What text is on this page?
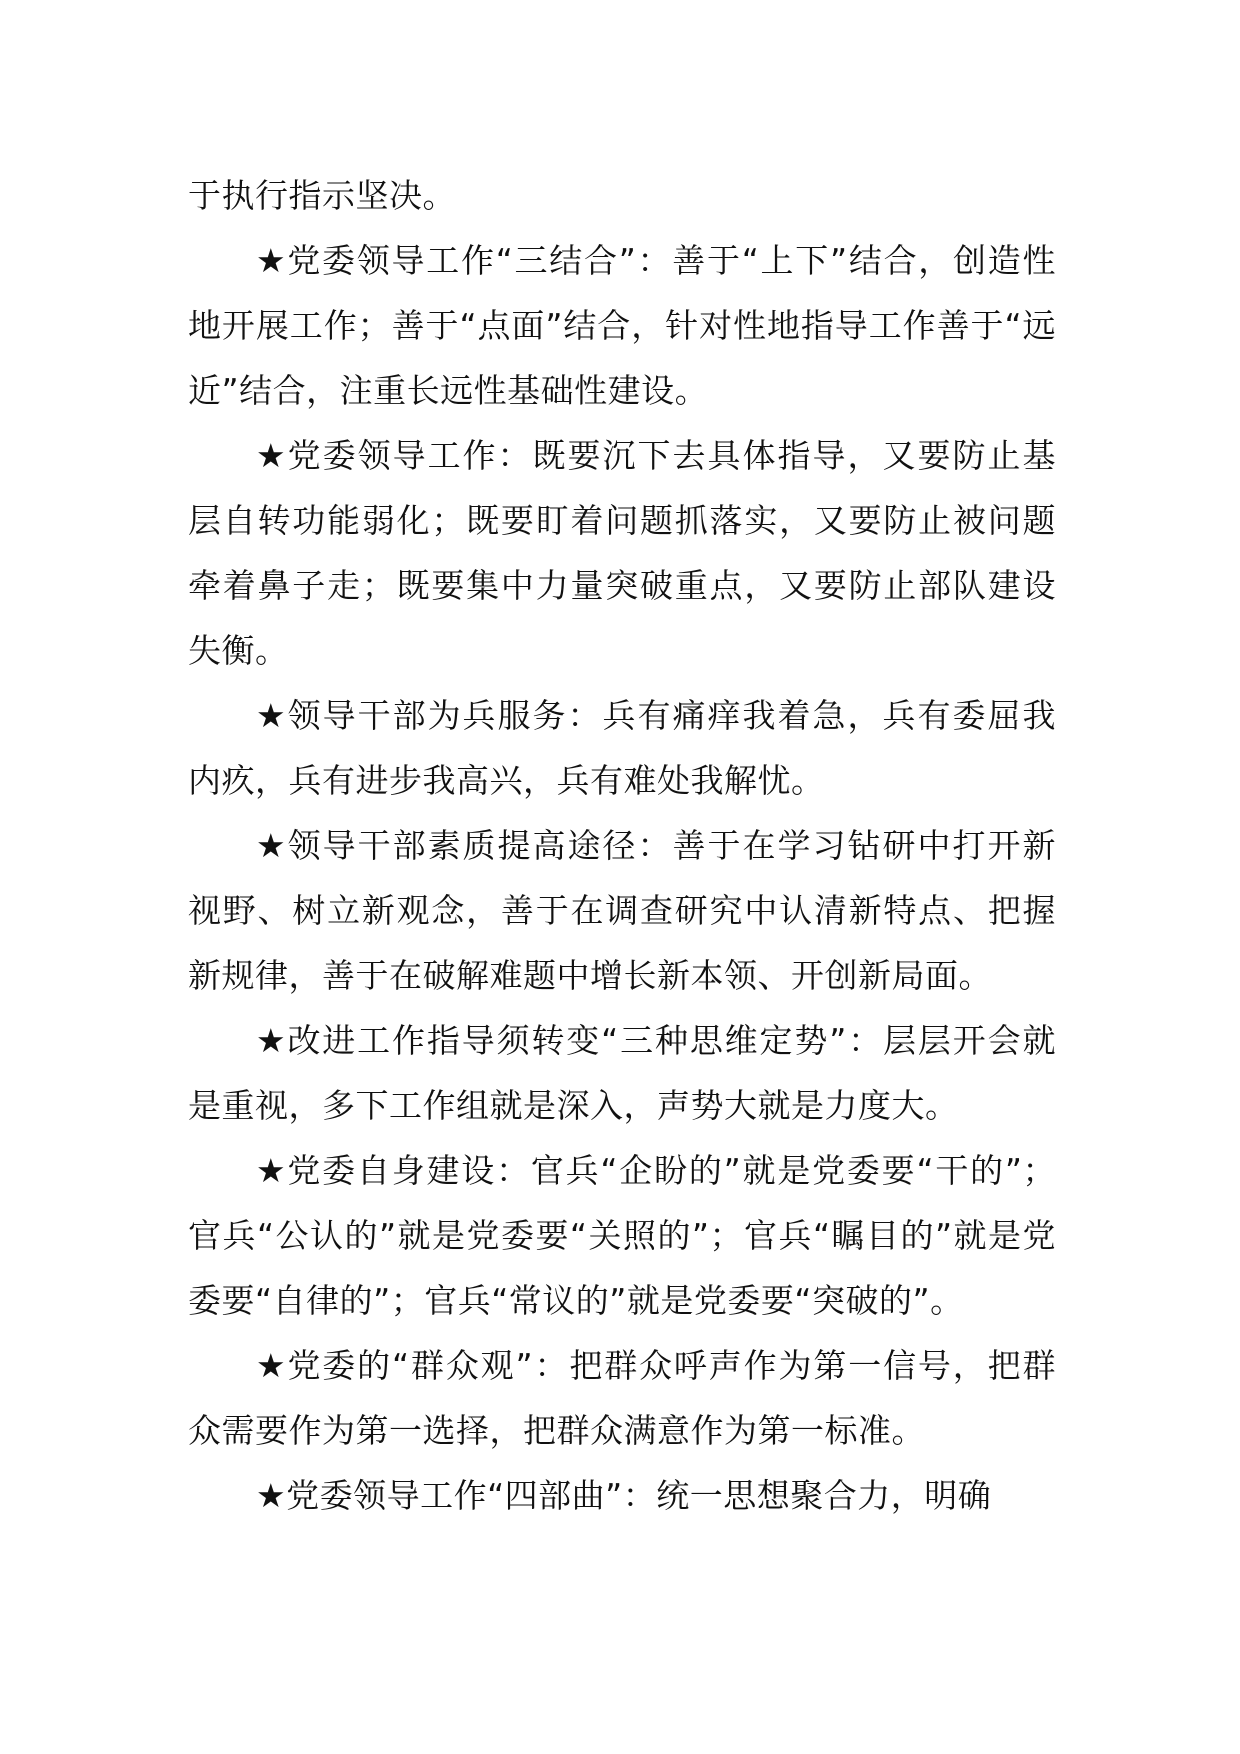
于执行指示坚决。

★党委领导工作“三结合”：善于“上下”结合，创造性地开展工作；善于“点面”结合，针对性地指导工作善于“远近”结合，注重长远性基础性建设。

★党委领导工作：既要沉下去具体指导，又要防止基层自转功能弱化；既要盯着问题抓落实，又要防止被问题牵着鼻子走；既要集中力量突破重点，又要防止部队建设失衡。

★领导干部为兵服务：兵有痛痒我着急，兵有委屈我内疚，兵有进步我高兴，兵有难处我解忧。

★领导干部素质提高途径：善于在学习钻研中打开新视野、树立新观念，善于在调查研究中认清新特点、把握新规律，善于在破解难题中增长新本领、开创新局面。

★改进工作指导须转变“三种思维定势”：层层开会就是重视，多下工作组就是深入，声势大就是力度大。

★党委自身建设：官兵“企盼的”就是党委要“干的”；官兵“公认的”就是党委要“关照的”；官兵“瞩目的”就是党委要“自律的”；官兵“常议的”就是党委要“突破的”。

★党委的“群众观”：把群众呼声作为第一信号，把群众需要作为第一选择，把群众满意作为第一标准。

★党委领导工作“四部曲”：统一思想聚合力，明确
